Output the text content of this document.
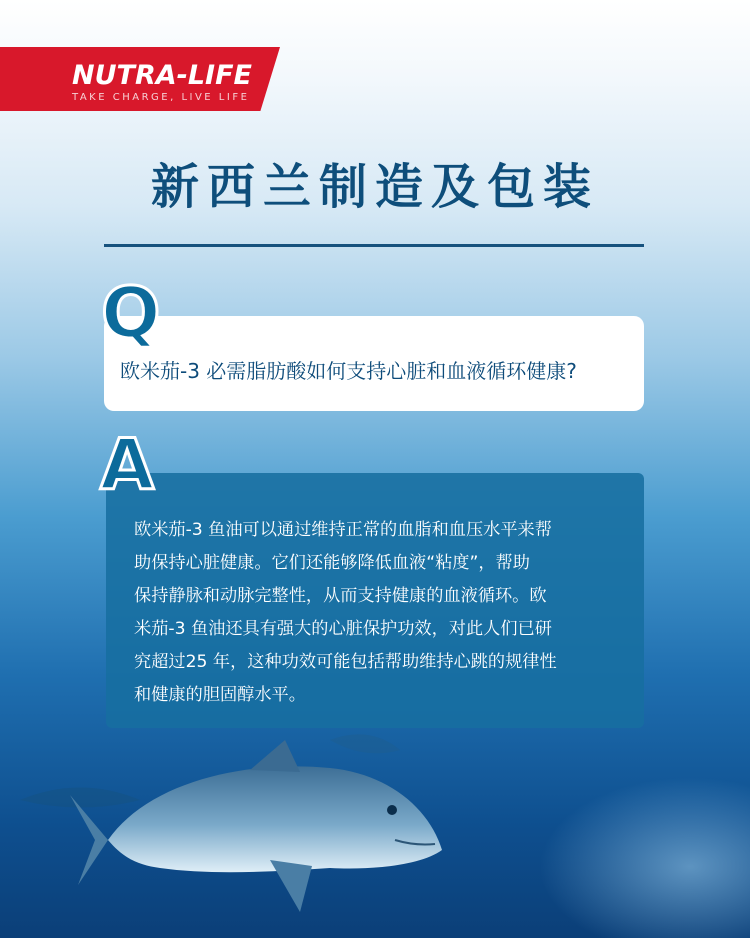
NUTRA-LIFE
TAKE CHARGE, LIVE LIFE
新西兰制造及包装
Q
欧米茄-3 必需脂肪酸如何支持心脏和血液循环健康?
A
欧米茄-3 鱼油可以通过维持正常的血脂和血压水平来帮
助保持心脏健康。它们还能够降低血液“粘度”，帮助
保持静脉和动脉完整性，从而支持健康的血液循环。欧
米茄-3 鱼油还具有强大的心脏保护功效，对此人们已研
究超过25 年，这种功效可能包括帮助维持心跳的规律性
和健康的胆固醇水平。
